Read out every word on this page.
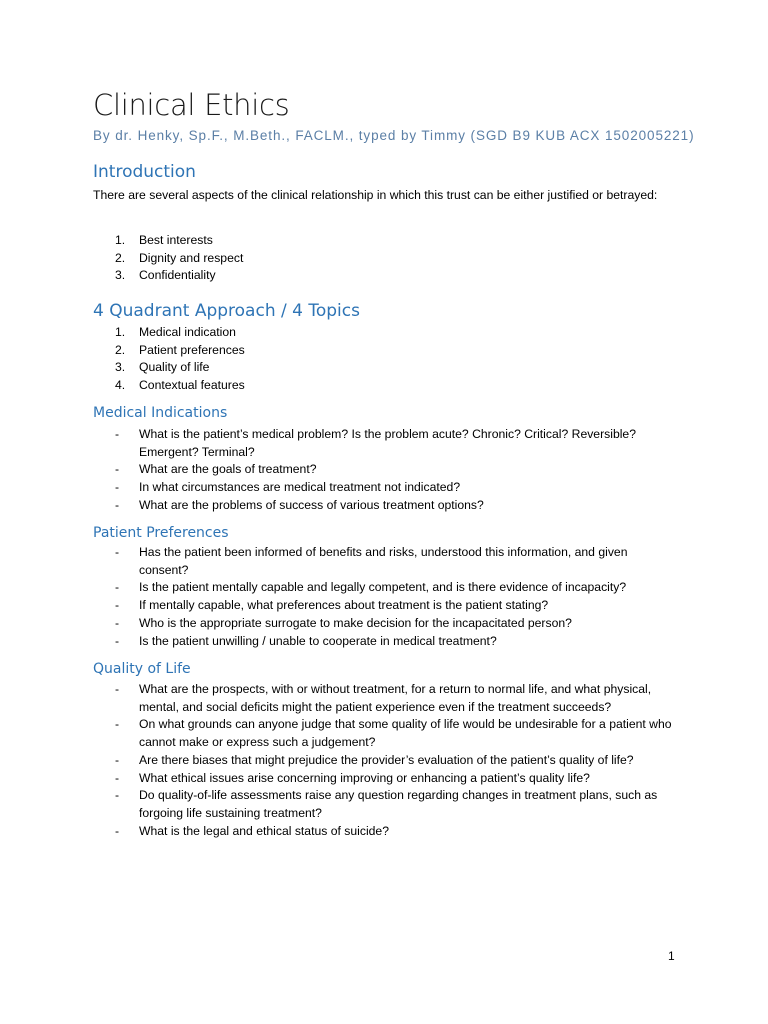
Clinical Ethics
By dr. Henky, Sp.F., M.Beth., FACLM., typed by Timmy (SGD B9 KUB ACX 1502005221)
Introduction
There are several aspects of the clinical relationship in which this trust can be either justified or betrayed:
1. Best interests
2. Dignity and respect
3. Confidentiality
4 Quadrant Approach / 4 Topics
1. Medical indication
2. Patient preferences
3. Quality of life
4. Contextual features
Medical Indications
- What is the patient’s medical problem? Is the problem acute? Chronic? Critical? Reversible? Emergent? Terminal?
- What are the goals of treatment?
- In what circumstances are medical treatment not indicated?
- What are the problems of success of various treatment options?
Patient Preferences
- Has the patient been informed of benefits and risks, understood this information, and given consent?
- Is the patient mentally capable and legally competent, and is there evidence of incapacity?
- If mentally capable, what preferences about treatment is the patient stating?
- Who is the appropriate surrogate to make decision for the incapacitated person?
- Is the patient unwilling / unable to cooperate in medical treatment?
Quality of Life
- What are the prospects, with or without treatment, for a return to normal life, and what physical, mental, and social deficits might the patient experience even if the treatment succeeds?
- On what grounds can anyone judge that some quality of life would be undesirable for a patient who cannot make or express such a judgement?
- Are there biases that might prejudice the provider’s evaluation of the patient’s quality of life?
- What ethical issues arise concerning improving or enhancing a patient’s quality life?
- Do quality-of-life assessments raise any question regarding changes in treatment plans, such as forgoing life sustaining treatment?
- What is the legal and ethical status of suicide?
1
